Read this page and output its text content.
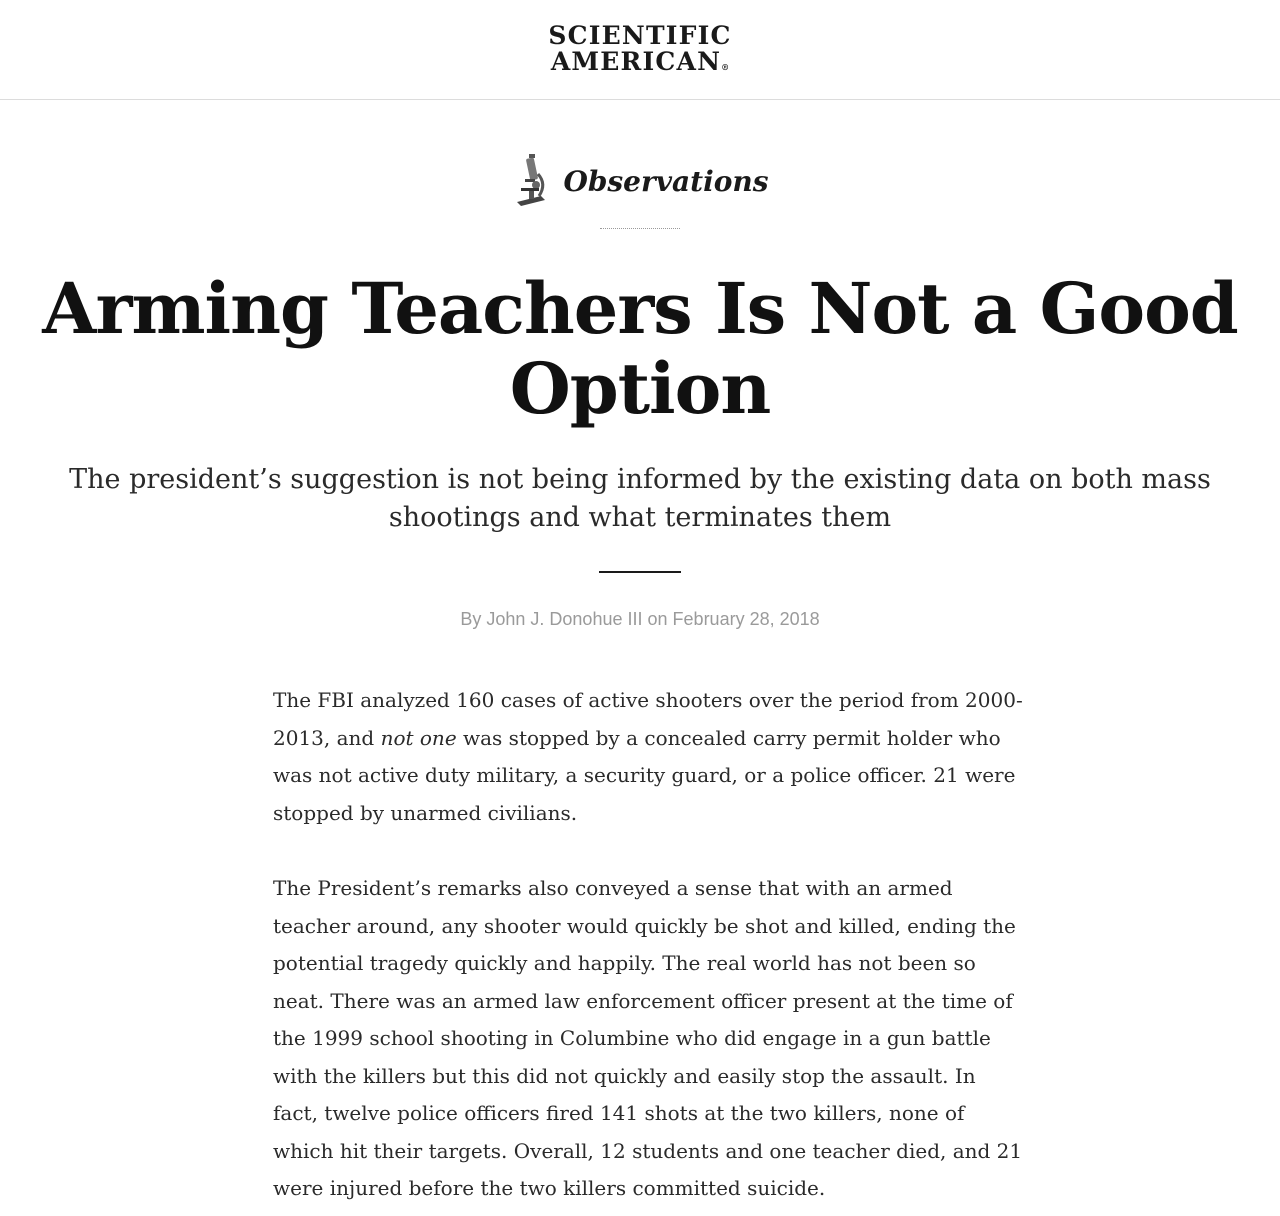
SCIENTIFIC
AMERICAN®
Observations
Arming Teachers Is Not a Good Option

The president’s suggestion is not being informed by the existing data on both mass shootings and what terminates them

By John J. Donohue III on February 28, 2018

The FBI analyzed 160 cases of active shooters over the period from 2000-2013, and not one was stopped by a concealed carry permit holder who was not active duty military, a security guard, or a police officer. 21 were stopped by unarmed civilians.

The President’s remarks also conveyed a sense that with an armed teacher around, any shooter would quickly be shot and killed, ending the potential tragedy quickly and happily. The real world has not been so neat. There was an armed law enforcement officer present at the time of the 1999 school shooting in Columbine who did engage in a gun battle with the killers but this did not quickly and easily stop the assault. In fact, twelve police officers fired 141 shots at the two killers, none of which hit their targets. Overall, 12 students and one teacher died, and 21 were injured before the two killers committed suicide.
